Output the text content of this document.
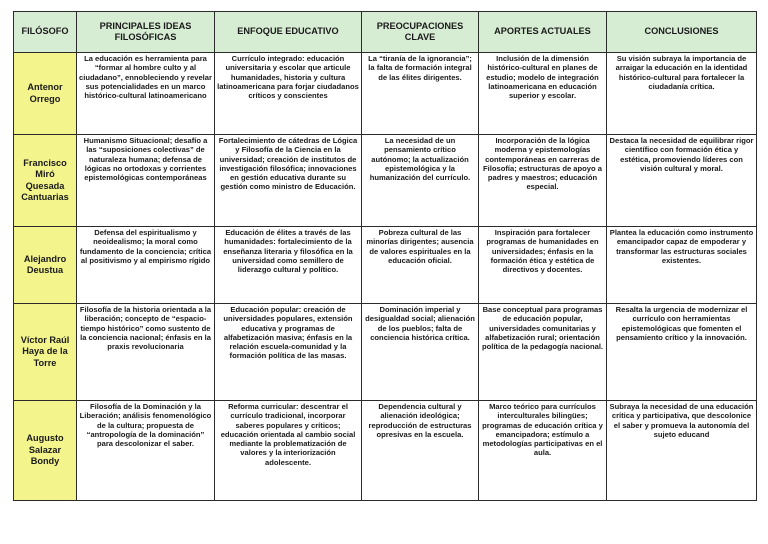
FILÓSOFO	PRINCIPALES IDEAS FILOSÓFICAS	ENFOQUE EDUCATIVO	PREOCUPACIONES CLAVE	APORTES ACTUALES	CONCLUSIONES
Antenor Orrego	La educación es herramienta para “formar al hombre culto y al ciudadano”, ennobleciendo y revelar sus potencialidades en un marco histórico-cultural latinoamericano	Currículo integrado: educación universitaria y escolar que articule humanidades, historia y cultura latinoamericana para forjar ciudadanos críticos y conscientes	La “tiranía de la ignorancia”; la falta de formación integral de las élites dirigentes.	Inclusión de la dimensión histórico-cultural en planes de estudio; modelo de integración latinoamericana en educación superior y escolar.	Su visión subraya la importancia de arraigar la educación en la identidad histórico-cultural para fortalecer la ciudadanía crítica.
Francisco Miró Quesada Cantuarias	Humanismo Situacional; desafío a las “suposiciones colectivas” de naturaleza humana; defensa de lógicas no ortodoxas y corrientes epistemológicas contemporáneas	Fortalecimiento de cátedras de Lógica y Filosofía de la Ciencia en la universidad; creación de institutos de investigación filosófica; innovaciones en gestión educativa durante su gestión como ministro de Educación.	La necesidad de un pensamiento crítico autónomo; la actualización epistemológica y la humanización del currículo.	Incorporación de la lógica moderna y epistemologías contemporáneas en carreras de Filosofía; estructuras de apoyo a padres y maestros; educación especial.	Destaca la necesidad de equilibrar rigor científico con formación ética y estética, promoviendo líderes con visión cultural y moral.
Alejandro Deustua	Defensa del espiritualismo y neoidealismo; la moral como fundamento de la conciencia; crítica al positivismo y al empirismo rígido	Educación de élites a través de las humanidades: fortalecimiento de la enseñanza literaria y filosófica en la universidad como semillero de liderazgo cultural y político.	Pobreza cultural de las minorías dirigentes; ausencia de valores espirituales en la educación oficial.	Inspiración para fortalecer programas de humanidades en universidades; énfasis en la formación ética y estética de directivos y docentes.	Plantea la educación como instrumento emancipador capaz de empoderar y transformar las estructuras sociales existentes.
Víctor Raúl Haya de la Torre	Filosofía de la historia orientada a la liberación; concepto de “espacio-tiempo histórico” como sustento de la conciencia nacional; énfasis en la praxis revolucionaria	Educación popular: creación de universidades populares, extensión educativa y programas de alfabetización masiva; énfasis en la relación escuela-comunidad y la formación política de las masas.	Dominación imperial y desigualdad social; alienación de los pueblos; falta de conciencia histórica crítica.	Base conceptual para programas de educación popular, universidades comunitarias y alfabetización rural; orientación política de la pedagogía nacional.	Resalta la urgencia de modernizar el currículo con herramientas epistemológicas que fomenten el pensamiento crítico y la innovación.
Augusto Salazar Bondy	Filosofía de la Dominación y la Liberación; análisis fenomenológico de la cultura; propuesta de “antropología de la dominación” para descolonizar el saber.	Reforma curricular: descentrar el currículo tradicional, incorporar saberes populares y críticos; educación orientada al cambio social mediante la problematización de valores y la interiorización adolescente.	Dependencia cultural y alienación ideológica; reproducción de estructuras opresivas en la escuela.	Marco teórico para currículos interculturales bilingües; programas de educación crítica y emancipadora; estímulo a metodologías participativas en el aula.	Subraya la necesidad de una educación crítica y participativa, que descolonice el saber y promueva la autonomía del sujeto educand
